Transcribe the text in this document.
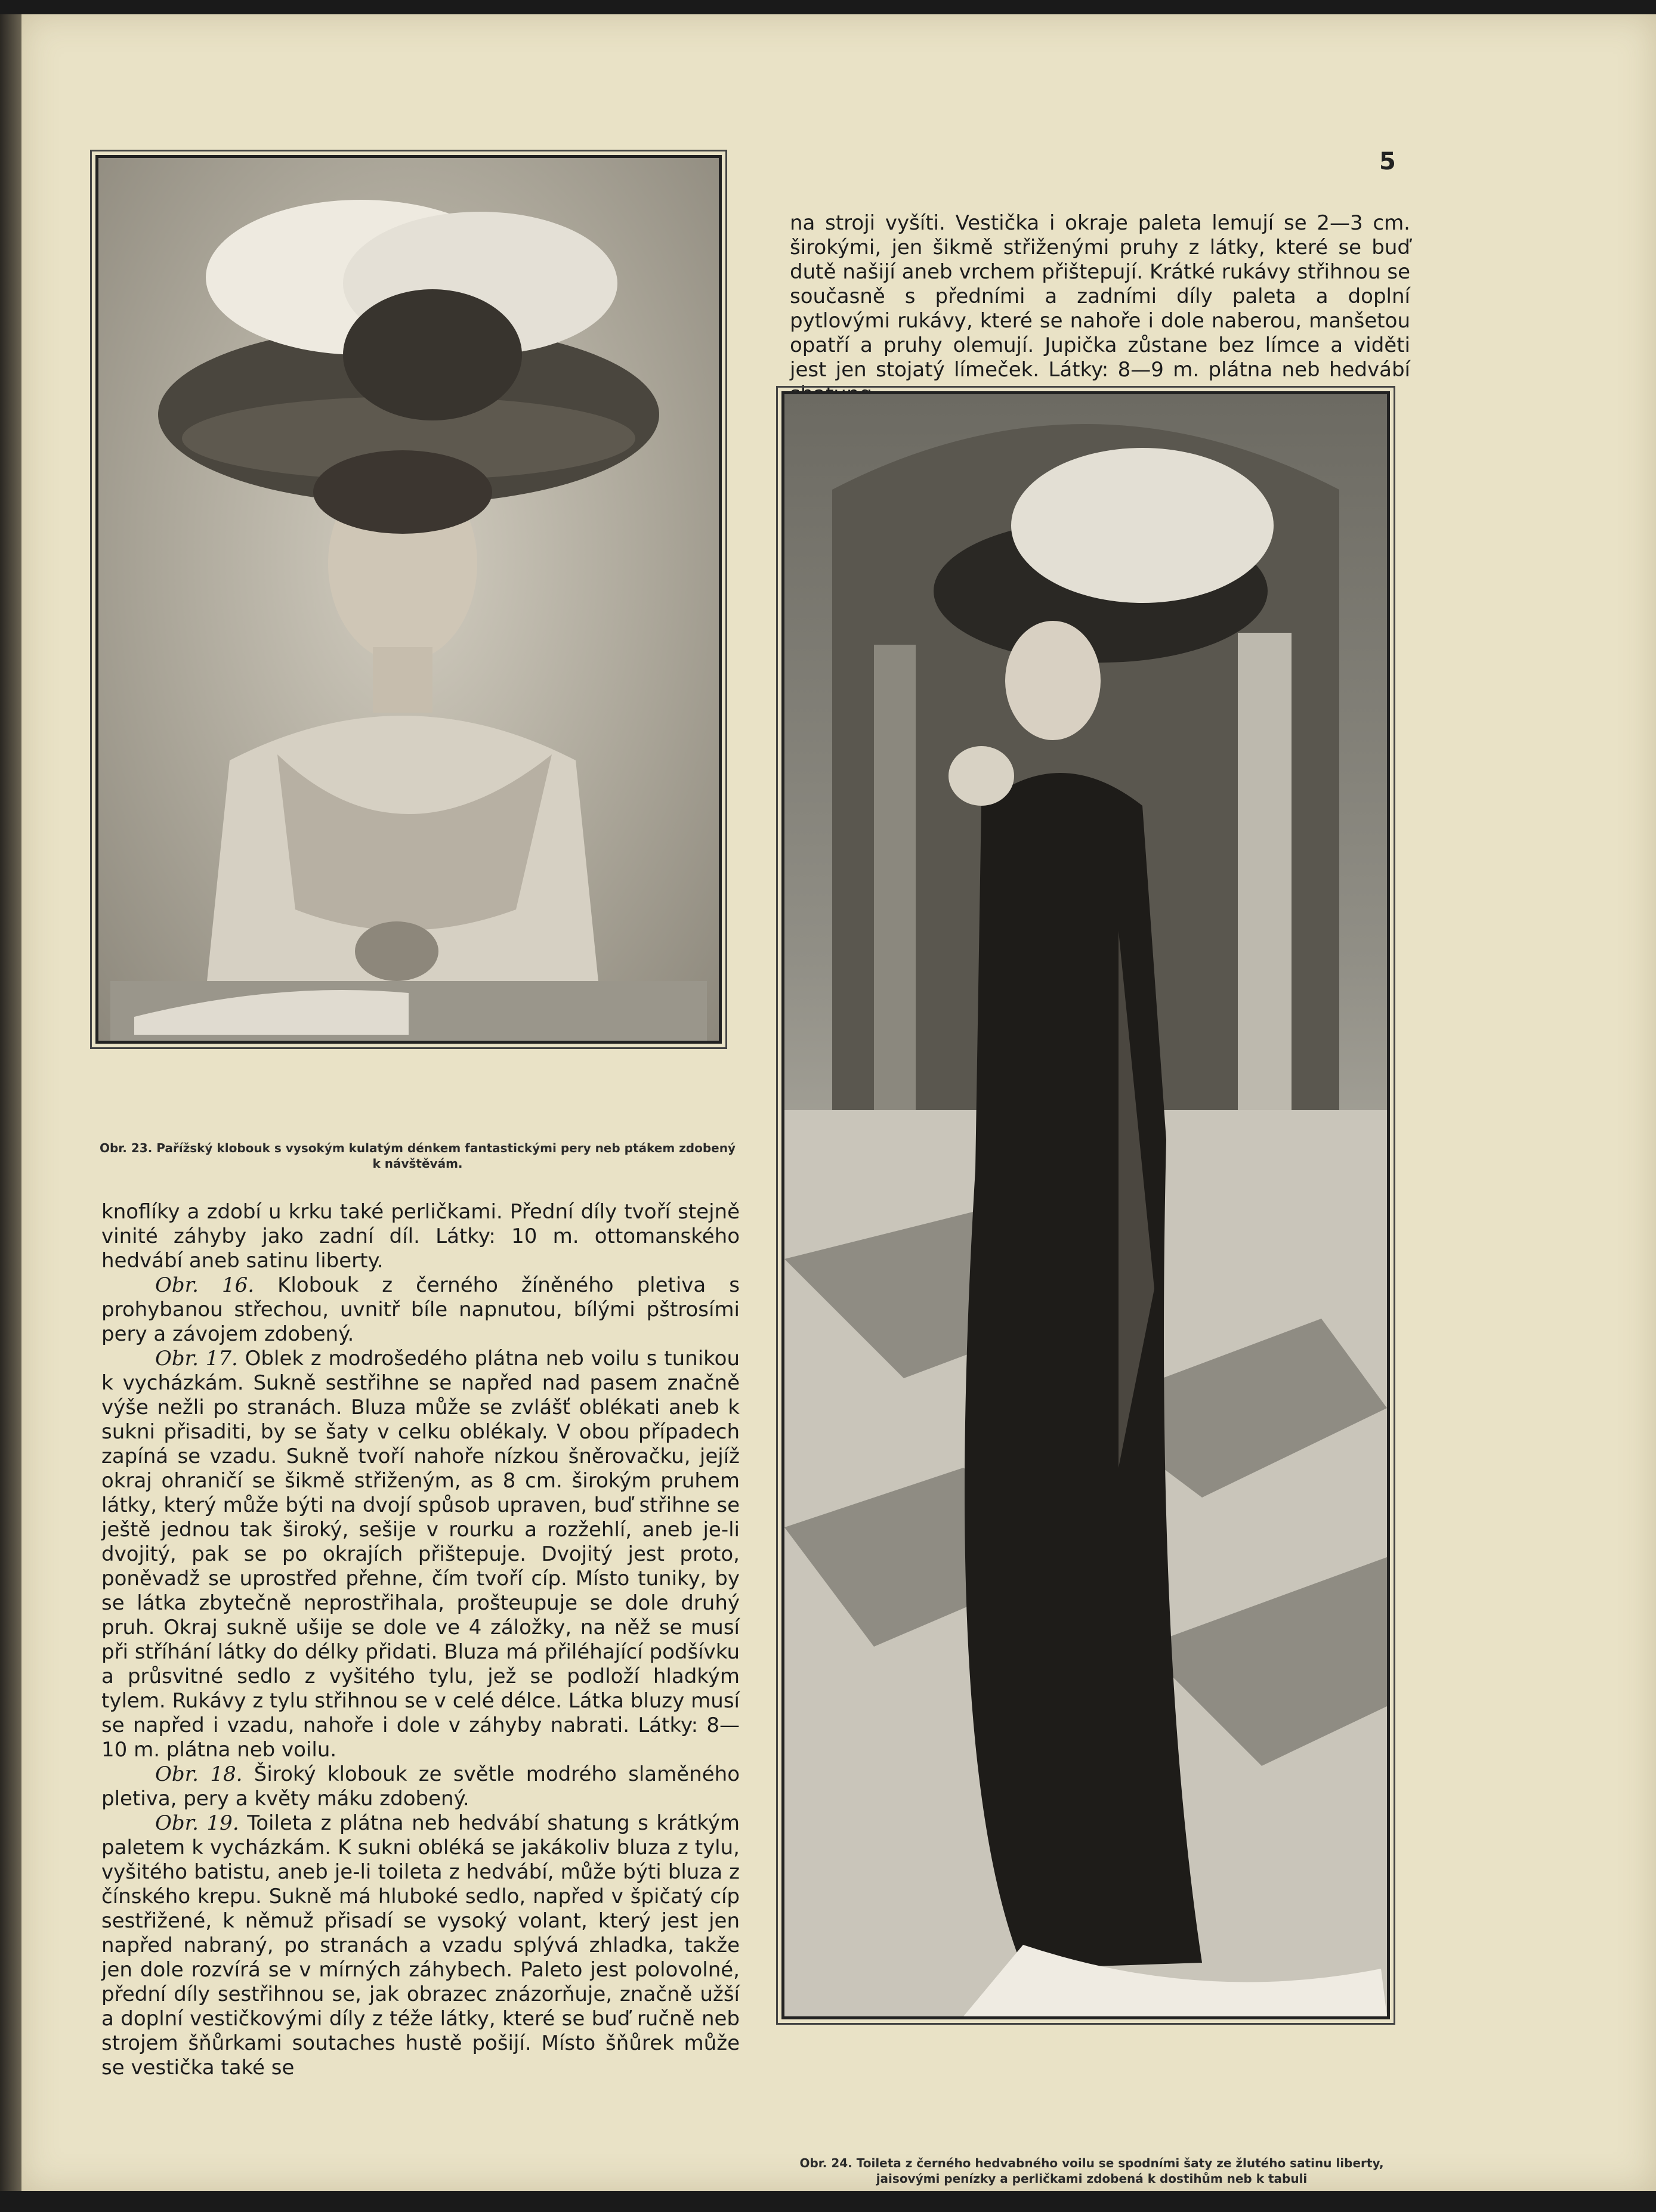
5
Obr. 23. Pařížský klobouk s vysokým kulatým dénkem fantastickými pery neb ptákem zdobený k návštěvám.

na stroji vyšíti. Vestička i okraje paleta lemují se 2—3 cm. širokými, jen šikmě střiženými pruhy z látky, které se buď dutě našijí aneb vrchem přištepují. Krátké rukávy střihnou se současně s předními a zadními díly paleta a doplní pytlovými rukávy, které se nahoře i dole naberou, manšetou opatří a pruhy olemují. Jupička zůstane bez límce a viděti jest jen stojatý límeček. Látky: 8—9 m. plátna neb hedvábí

Obr. 24. Toileta z černého hedvabného voilu se spodními šaty ze žlutého satinu liberty, jaisovými penízky a perličkami zdobená k dostihům neb k tabuli

knoflíky a zdobí u krku také perličkami. Přední díly tvoří stejně vinité záhyby jako zadní díl. Látky: 10 m. ottomanského hedvábí aneb satinu liberty.

Obr. 16. Klobouk z černého žíněného pletiva s prohybanou střechou, uvnitř bíle napnutou, bílými pštrosími pery a závojem zdobený.

Obr. 17. Oblek z modrošedého plátna neb voilu s tunikou k vycházkám. Sukně sestřihne se napřed nad pasem značně výše nežli po stranách. Bluza může se zvlášť oblékati aneb k sukni přisaditi, by se šaty v celku oblékaly. V obou případech zapíná se vzadu. Sukně tvoří nahoře nízkou šněrovačku, jejíž okraj ohraničí se šikmě střiženým, as 8 cm. širokým pruhem látky, který může býti na dvojí spůsob upraven, buď střihne se ještě jednou tak široký, sešije v rourku a rozžehlí, aneb je-li dvojitý, pak se po okrajích přištepuje. Dvojitý jest proto, poněvadž se uprostřed přehne, čím tvoří cíp. Místo tuniky, by se látka zbytečně neprostřihala, prošteupuje se dole druhý pruh. Okraj sukně ušije se dole ve 4 záložky, na něž se musí při stříhání látky do délky přidati. Bluza má přiléhající podšívku a průsvitné sedlo z vyšitého tylu, jež se podloží hladkým tylem. Rukávy z tylu střihnou se v celé délce. Látka bluzy musí se napřed i vzadu, nahoře i dole v záhyby nabrati. Látky: 8—10 m. plátna neb voilu.

Obr. 18. Široký klobouk ze světle modrého slaměného pletiva, pery a květy máku zdobený.

Obr. 19. Toileta z plátna neb hedvábí shatung s krátkým paletem k vycházkám. K sukni obléká se jakákoliv bluza z tylu, vyšitého batistu, aneb je-li toileta z hedvábí, může býti bluza z čínského krepu. Sukně má hluboké sedlo, napřed v špičatý cíp sestřižené, k němuž přisadí se vysoký volant, který jest jen napřed nabraný, po stranách a vzadu splývá zhladka, takže jen dole rozvírá se v mírných záhybech. Paleto jest polovolné, přední díly sestřihnou se, jak obrazec znázorňuje, značně užší a doplní vestičkovými díly z téže látky, které se buď ručně neb strojem šňůrkami soutaches hustě pošijí. Místo šňůrek může se vestička také se
